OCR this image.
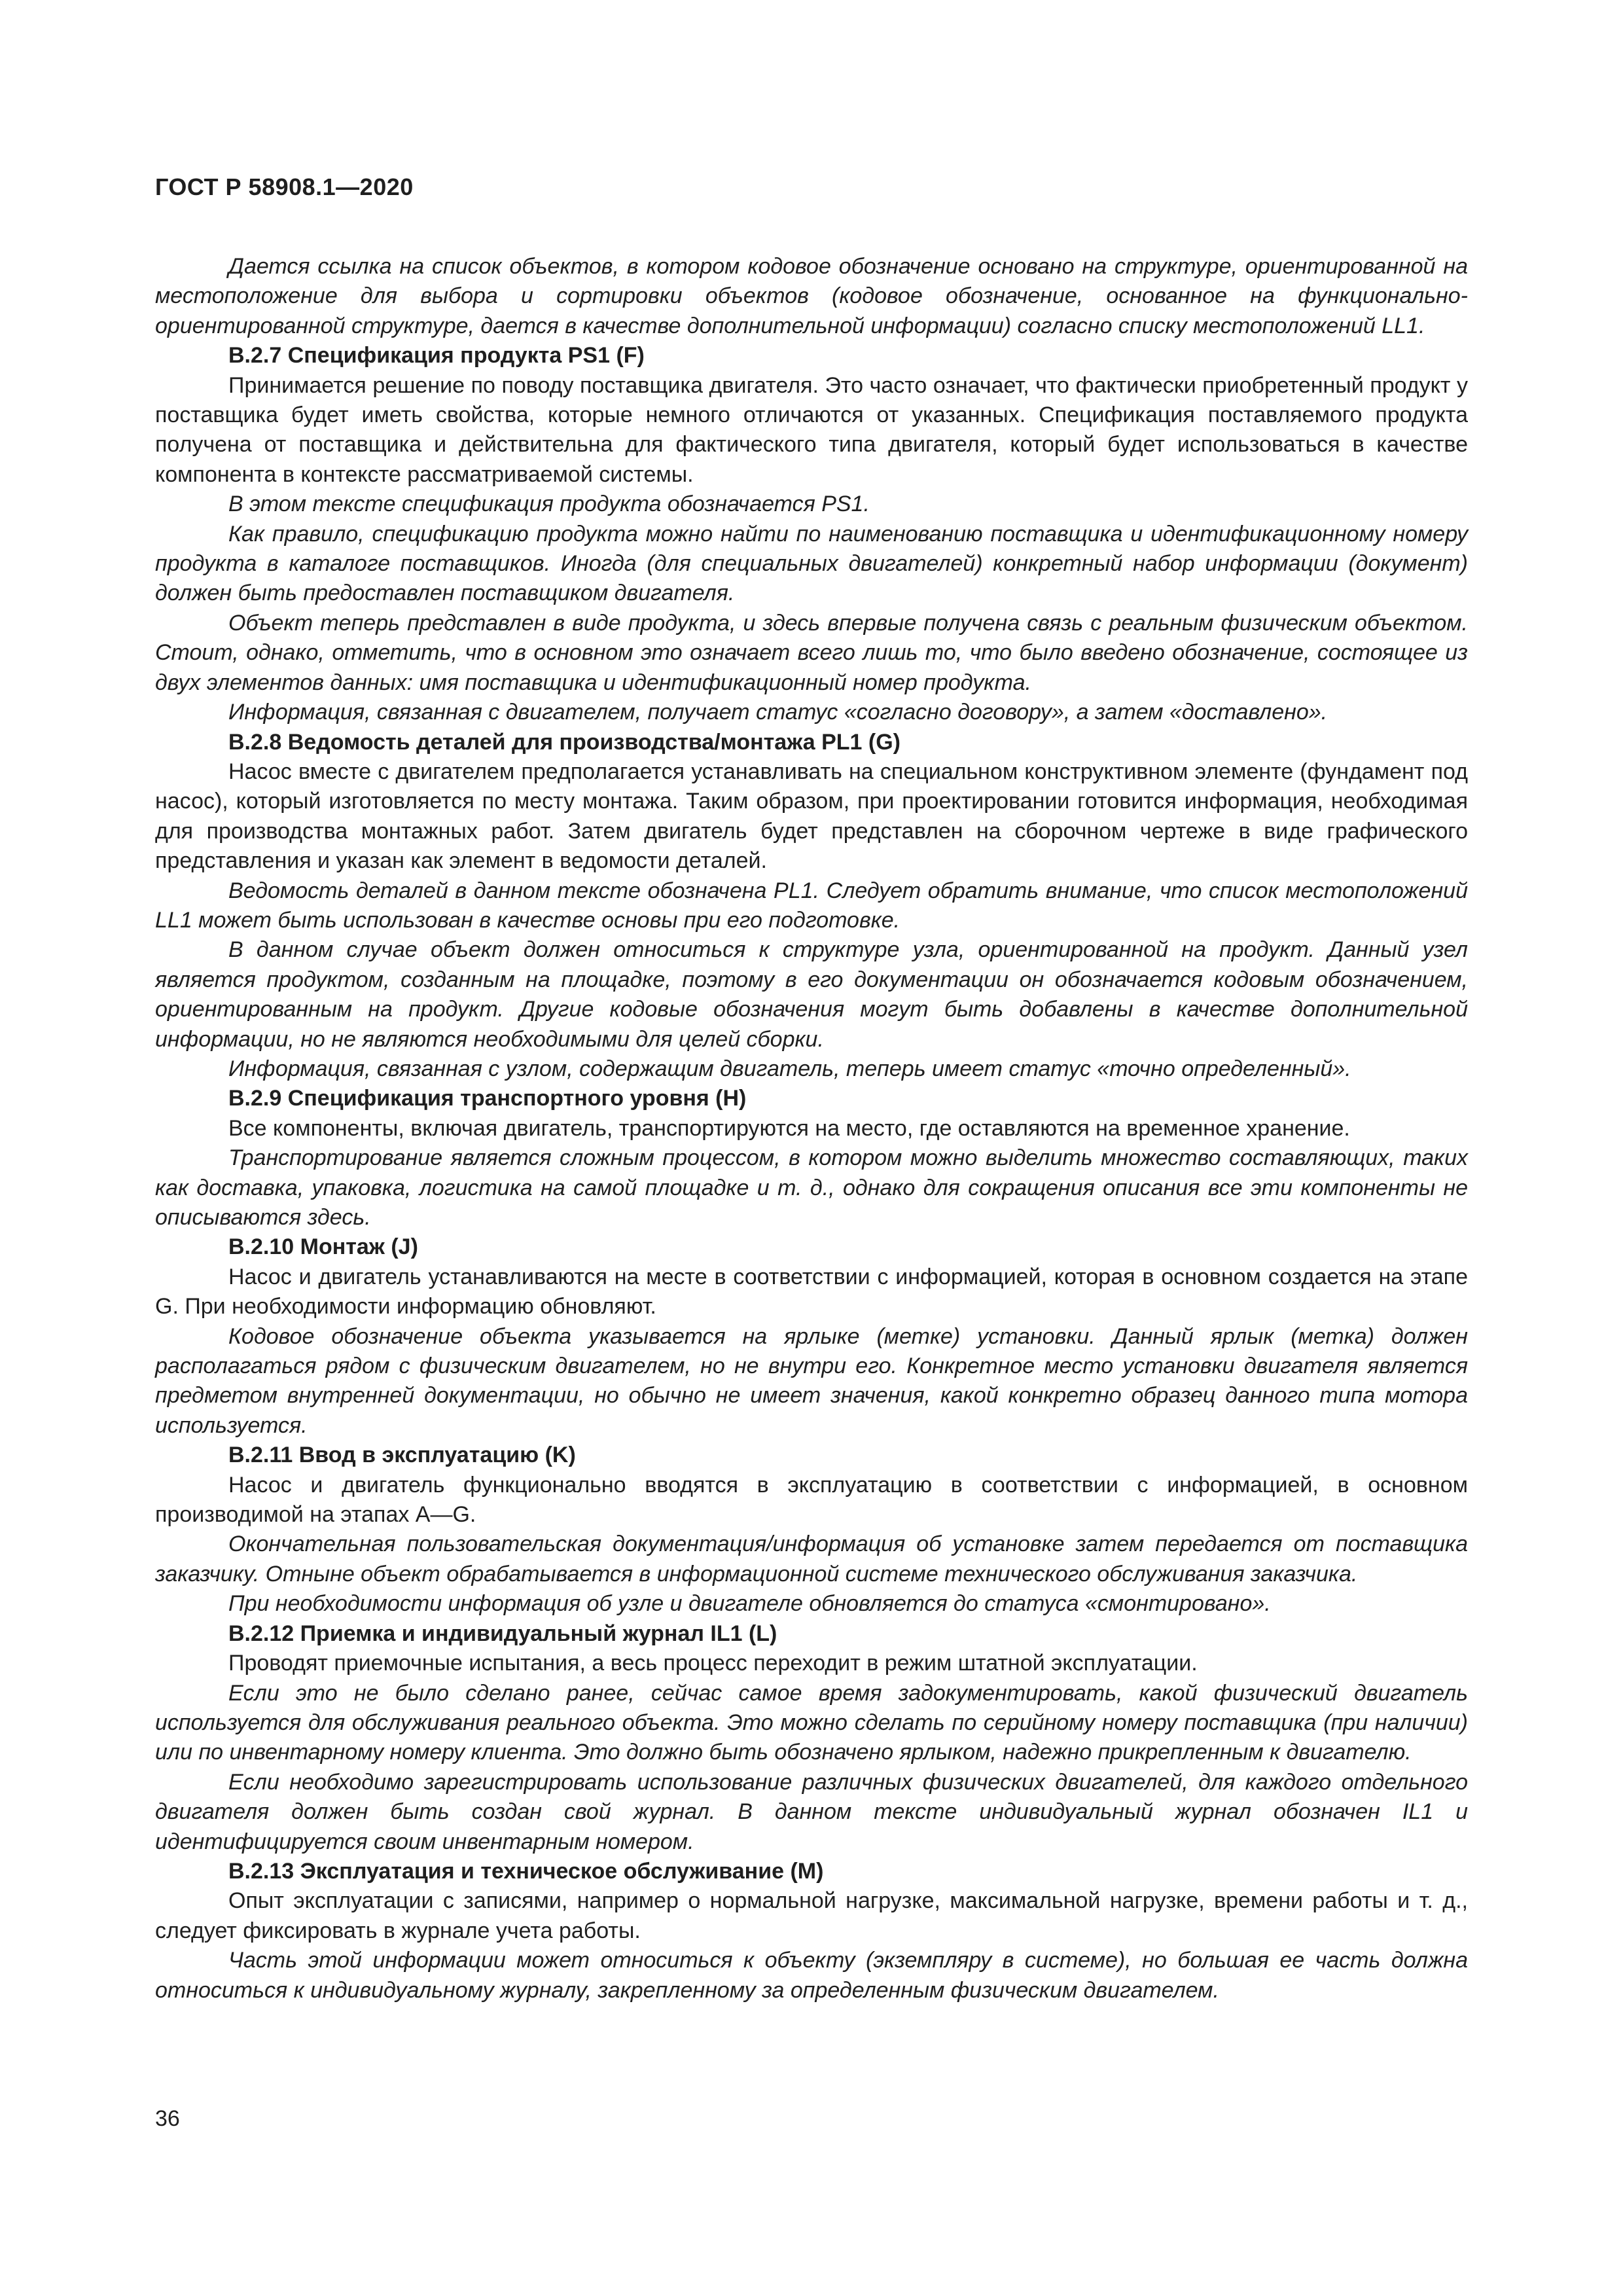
ГОСТ Р 58908.1—2020

Дается ссылка на список объектов, в котором кодовое обозначение основано на структуре, ориентированной на местоположение для выбора и сортировки объектов (кодовое обозначение, основанное на функционально-ориентированной структуре, дается в качестве дополнительной информации) согласно списку местоположений LL1.

В.2.7 Спецификация продукта PS1 (F)

Принимается решение по поводу поставщика двигателя. Это часто означает, что фактически приобретенный продукт у поставщика будет иметь свойства, которые немного отличаются от указанных. Спецификация поставляемого продукта получена от поставщика и действительна для фактического типа двигателя, который будет использоваться в качестве компонента в контексте рассматриваемой системы.

В этом тексте спецификация продукта обозначается PS1.

Как правило, спецификацию продукта можно найти по наименованию поставщика и идентификационному номеру продукта в каталоге поставщиков. Иногда (для специальных двигателей) конкретный набор информации (документ) должен быть предоставлен поставщиком двигателя.

Объект теперь представлен в виде продукта, и здесь впервые получена связь с реальным физическим объектом. Стоит, однако, отметить, что в основном это означает всего лишь то, что было введено обозначение, состоящее из двух элементов данных: имя поставщика и идентификационный номер продукта.

Информация, связанная с двигателем, получает статус «согласно договору», а затем «доставлено».

В.2.8 Ведомость деталей для производства/монтажа PL1 (G)

Насос вместе с двигателем предполагается устанавливать на специальном конструктивном элементе (фундамент под насос), который изготовляется по месту монтажа. Таким образом, при проектировании готовится информация, необходимая для производства монтажных работ. Затем двигатель будет представлен на сборочном чертеже в виде графического представления и указан как элемент в ведомости деталей.

Ведомость деталей в данном тексте обозначена PL1. Следует обратить внимание, что список местоположений LL1 может быть использован в качестве основы при его подготовке.

В данном случае объект должен относиться к структуре узла, ориентированной на продукт. Данный узел является продуктом, созданным на площадке, поэтому в его документации он обозначается кодовым обозначением, ориентированным на продукт. Другие кодовые обозначения могут быть добавлены в качестве дополнительной информации, но не являются необходимыми для целей сборки.

Информация, связанная с узлом, содержащим двигатель, теперь имеет статус «точно определенный».

В.2.9 Спецификация транспортного уровня (Н)

Все компоненты, включая двигатель, транспортируются на место, где оставляются на временное хранение.

Транспортирование является сложным процессом, в котором можно выделить множество составляющих, таких как доставка, упаковка, логистика на самой площадке и т. д., однако для сокращения описания все эти компоненты не описываются здесь.

В.2.10 Монтаж (J)

Насос и двигатель устанавливаются на месте в соответствии с информацией, которая в основном создается на этапе G. При необходимости информацию обновляют.

Кодовое обозначение объекта указывается на ярлыке (метке) установки. Данный ярлык (метка) должен располагаться рядом с физическим двигателем, но не внутри его. Конкретное место установки двигателя является предметом внутренней документации, но обычно не имеет значения, какой конкретно образец данного типа мотора используется.

В.2.11 Ввод в эксплуатацию (K)

Насос и двигатель функционально вводятся в эксплуатацию в соответствии с информацией, в основном производимой на этапах А—G.

Окончательная пользовательская документация/информация об установке затем передается от поставщика заказчику. Отныне объект обрабатывается в информационной системе технического обслуживания заказчика.

При необходимости информация об узле и двигателе обновляется до статуса «смонтировано».

В.2.12 Приемка и индивидуальный журнал IL1 (L)

Проводят приемочные испытания, а весь процесс переходит в режим штатной эксплуатации.

Если это не было сделано ранее, сейчас самое время задокументировать, какой физический двигатель используется для обслуживания реального объекта. Это можно сделать по серийному номеру поставщика (при наличии) или по инвентарному номеру клиента. Это должно быть обозначено ярлыком, надежно прикрепленным к двигателю.

Если необходимо зарегистрировать использование различных физических двигателей, для каждого отдельного двигателя должен быть создан свой журнал. В данном тексте индивидуальный журнал обозначен IL1 и идентифицируется своим инвентарным номером.

В.2.13 Эксплуатация и техническое обслуживание (M)

Опыт эксплуатации с записями, например о нормальной нагрузке, максимальной нагрузке, времени работы и т. д., следует фиксировать в журнале учета работы.

Часть этой информации может относиться к объекту (экземпляру в системе), но большая ее часть должна относиться к индивидуальному журналу, закрепленному за определенным физическим двигателем.

36
